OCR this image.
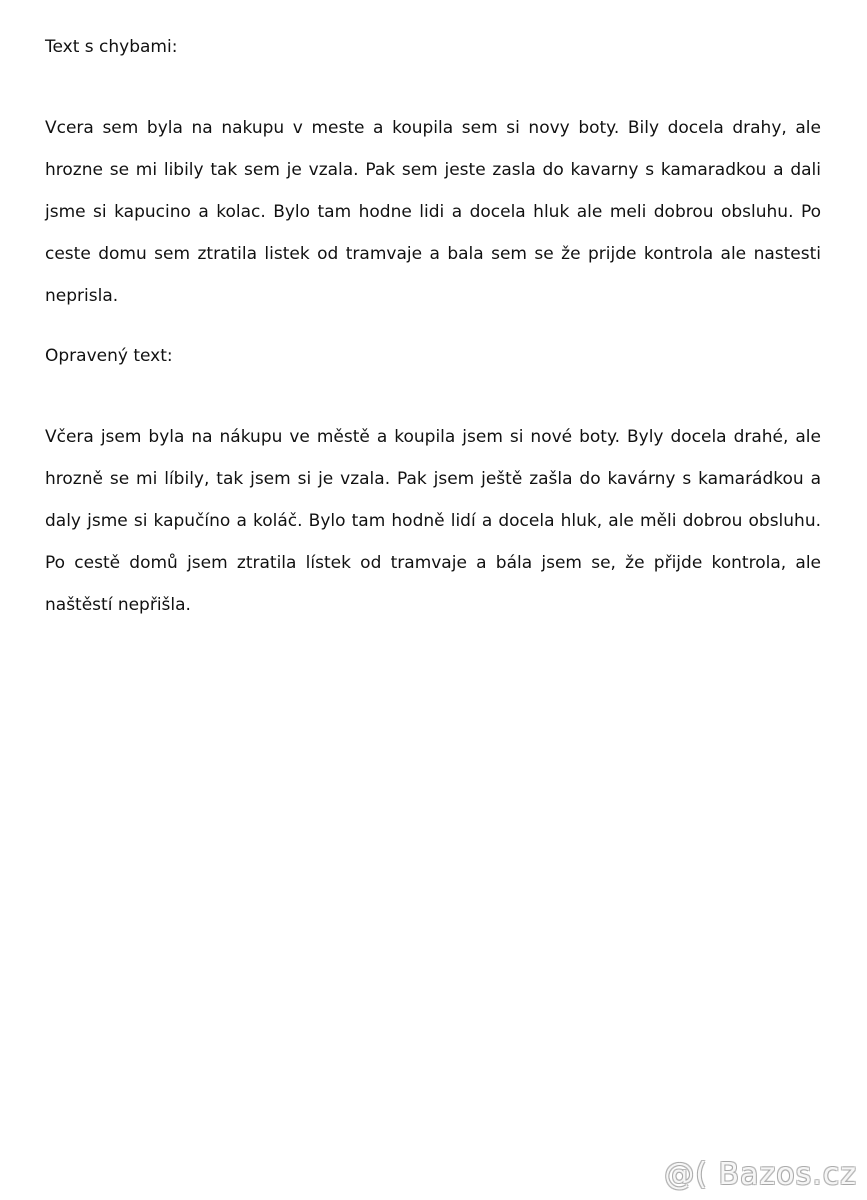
Text s chybami:

Vcera sem byla na nakupu v meste a koupila sem si novy boty. Bily docela drahy, ale hrozne se mi libily tak sem je vzala. Pak sem jeste zasla do kavarny s kamaradkou a dali jsme si kapucino a kolac. Bylo tam hodne lidi a docela hluk ale meli dobrou obsluhu. Po ceste domu sem ztratila listek od tramvaje a bala sem se že prijde kontrola ale nastesti neprisla.

Opravený text:

Včera jsem byla na nákupu ve městě a koupila jsem si nové boty. Byly docela drahé, ale hrozně se mi líbily, tak jsem si je vzala. Pak jsem ještě zašla do kavárny s kamarádkou a daly jsme si kapučíno a koláč. Bylo tam hodně lidí a docela hluk, ale měli dobrou obsluhu. Po cestě domů jsem ztratila lístek od tramvaje a bála jsem se, že přijde kontrola, ale naštěstí nepřišla.

@( Bazos.cz
